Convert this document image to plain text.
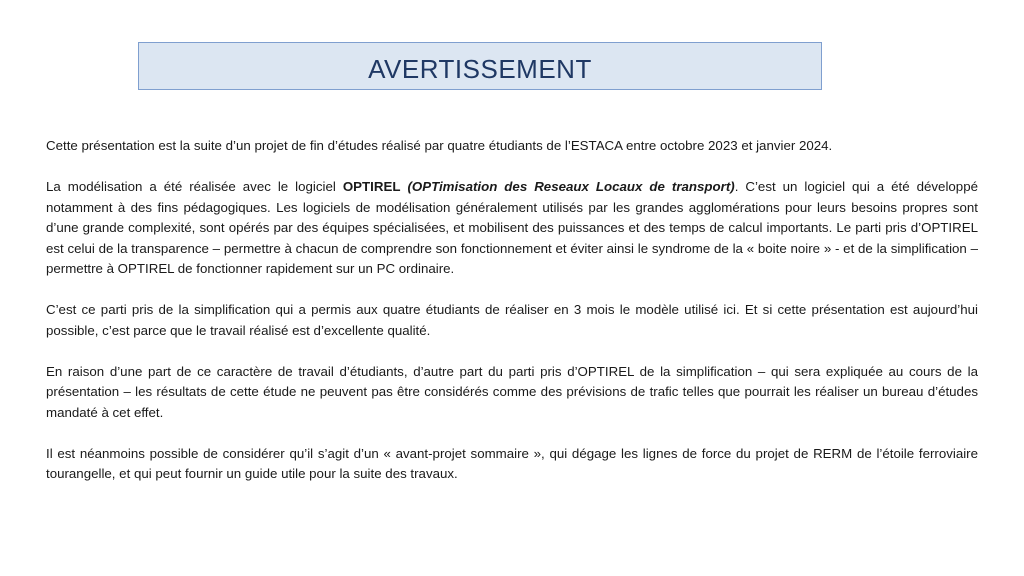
AVERTISSEMENT

Cette présentation est la suite d’un projet de fin d’études réalisé par quatre étudiants de l’ESTACA entre octobre 2023 et janvier 2024.

La modélisation a été réalisée avec le logiciel OPTIREL (OPTimisation des Reseaux Locaux de transport). C’est un logiciel qui a été développé notamment à des fins pédagogiques. Les logiciels de modélisation généralement utilisés par les grandes agglomérations pour leurs besoins propres sont d’une grande complexité, sont opérés par des équipes spécialisées, et mobilisent des puissances et des temps de calcul importants. Le parti pris d’OPTIREL est celui de la transparence – permettre à chacun de comprendre son fonctionnement et éviter ainsi le syndrome de la « boite noire » - et de la simplification – permettre à OPTIREL de fonctionner rapidement sur un PC ordinaire.

C’est ce parti pris de la simplification qui a permis aux quatre étudiants de réaliser en 3 mois le modèle utilisé ici. Et si cette présentation est aujourd’hui possible, c’est parce que le travail réalisé est d’excellente qualité.

En raison d’une part de ce caractère de travail d’étudiants, d’autre part du parti pris d’OPTIREL de la simplification – qui sera expliquée au cours de la présentation – les résultats de cette étude ne peuvent pas être considérés comme des prévisions de trafic telles que pourrait les réaliser un bureau d’études mandaté à cet effet.

Il est néanmoins possible de considérer qu’il s’agit d’un « avant-projet sommaire », qui dégage les lignes de force du projet de RERM de l’étoile ferroviaire tourangelle, et qui peut fournir un guide utile pour la suite des travaux.
